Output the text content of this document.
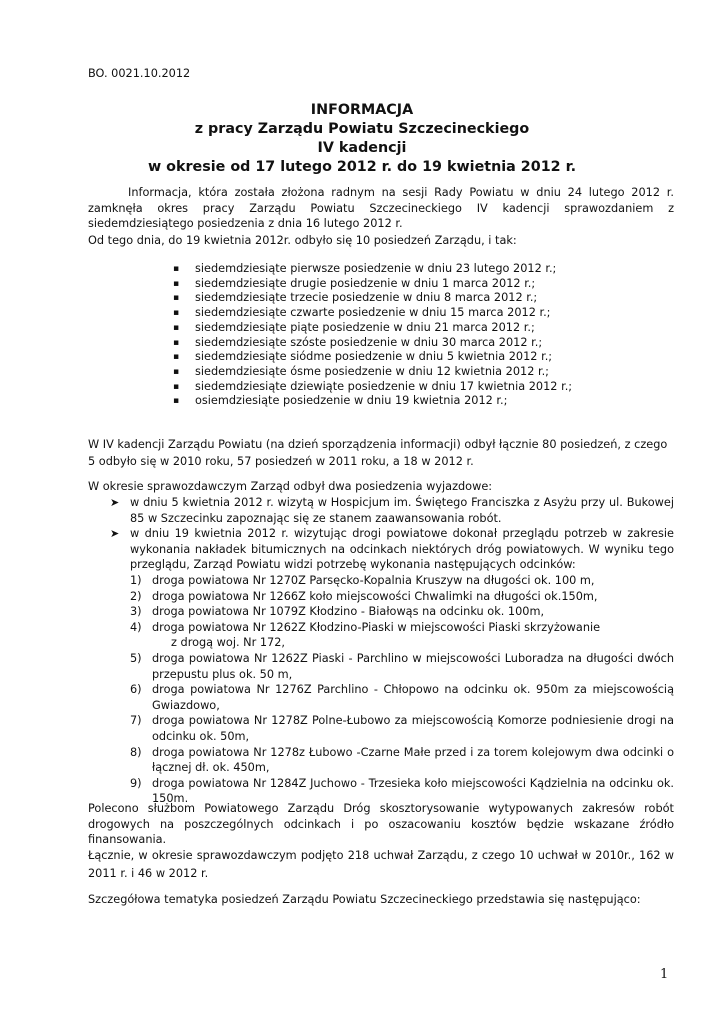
BO. 0021.10.2012
INFORMACJA
z pracy Zarządu Powiatu Szczecineckiego
IV kadencji
w okresie od 17 lutego 2012 r. do 19 kwietnia 2012 r.
Informacja, która została złożona radnym na sesji Rady Powiatu w dniu 24 lutego 2012 r. zamknęła okres pracy Zarządu Powiatu Szczecineckiego IV kadencji sprawozdaniem z siedemdziesiątego posiedzenia z dnia 16 lutego 2012 r.
Od tego dnia, do 19 kwietnia 2012r. odbyło się 10 posiedzeń Zarządu, i tak:
▪ siedemdziesiąte pierwsze posiedzenie w dniu 23 lutego 2012 r.;
▪ siedemdziesiąte drugie posiedzenie w dniu 1 marca 2012 r.;
▪ siedemdziesiąte trzecie posiedzenie w dniu 8 marca 2012 r.;
▪ siedemdziesiąte czwarte posiedzenie w dniu 15 marca 2012 r.;
▪ siedemdziesiąte piąte posiedzenie w dniu 21 marca 2012 r.;
▪ siedemdziesiąte szóste posiedzenie w dniu 30 marca 2012 r.;
▪ siedemdziesiąte siódme posiedzenie w dniu 5 kwietnia 2012 r.;
▪ siedemdziesiąte ósme posiedzenie w dniu 12 kwietnia 2012 r.;
▪ siedemdziesiąte dziewiąte posiedzenie w dniu 17 kwietnia 2012 r.;
▪ osiemdziesiąte posiedzenie w dniu 19 kwietnia 2012 r.;
W IV kadencji Zarządu Powiatu (na dzień sporządzenia informacji) odbył łącznie 80 posiedzeń, z czego
5 odbyło się w 2010 roku, 57 posiedzeń w 2011 roku, a 18 w 2012 r.
W okresie sprawozdawczym Zarząd odbył dwa posiedzenia wyjazdowe:
➤ w dniu 5 kwietnia 2012 r. wizytą w Hospicjum im. Świętego Franciszka z Asyżu przy ul. Bukowej 85 w Szczecinku zapoznając się ze stanem zaawansowania robót.
➤ w dniu 19 kwietnia 2012 r. wizytując drogi powiatowe dokonał przeglądu potrzeb w zakresie wykonania nakładek bitumicznych na odcinkach niektórych dróg powiatowych. W wyniku tego przeglądu, Zarząd Powiatu widzi potrzebę wykonania następujących odcinków:
1) droga powiatowa Nr 1270Z Parsęcko-Kopalnia Kruszyw na długości ok. 100 m,
2) droga powiatowa Nr 1266Z koło miejscowości Chwalimki na długości ok.150m,
3) droga powiatowa Nr 1079Z Kłodzino - Białowąs na odcinku ok. 100m,
4) droga powiatowa Nr 1262Z Kłodzino-Piaski w miejscowości Piaski skrzyżowanie
z drogą woj. Nr 172,
5) droga powiatowa Nr 1262Z Piaski - Parchlino w miejscowości Luboradza na długości dwóch przepustu plus ok. 50 m,
6) droga powiatowa Nr 1276Z Parchlino - Chłopowo na odcinku ok. 950m za miejscowością Gwiazdowo,
7) droga powiatowa Nr 1278Z Polne-Łubowo za miejscowością Komorze podniesienie drogi na odcinku ok. 50m,
8) droga powiatowa Nr 1278z Łubowo -Czarne Małe przed i za torem kolejowym dwa odcinki o łącznej dł. ok. 450m,
9) droga powiatowa Nr 1284Z Juchowo - Trzesieka koło miejscowości Kądzielnia na odcinku ok. 150m.
Polecono służbom Powiatowego Zarządu Dróg skosztorysowanie wytypowanych zakresów robót drogowych na poszczególnych odcinkach i po oszacowaniu kosztów będzie wskazane źródło finansowania.
Łącznie, w okresie sprawozdawczym podjęto 218 uchwał Zarządu, z czego 10 uchwał w 2010r., 162 w 2011 r. i 46 w 2012 r.
Szczegółowa tematyka posiedzeń Zarządu Powiatu Szczecineckiego przedstawia się następująco:
1
